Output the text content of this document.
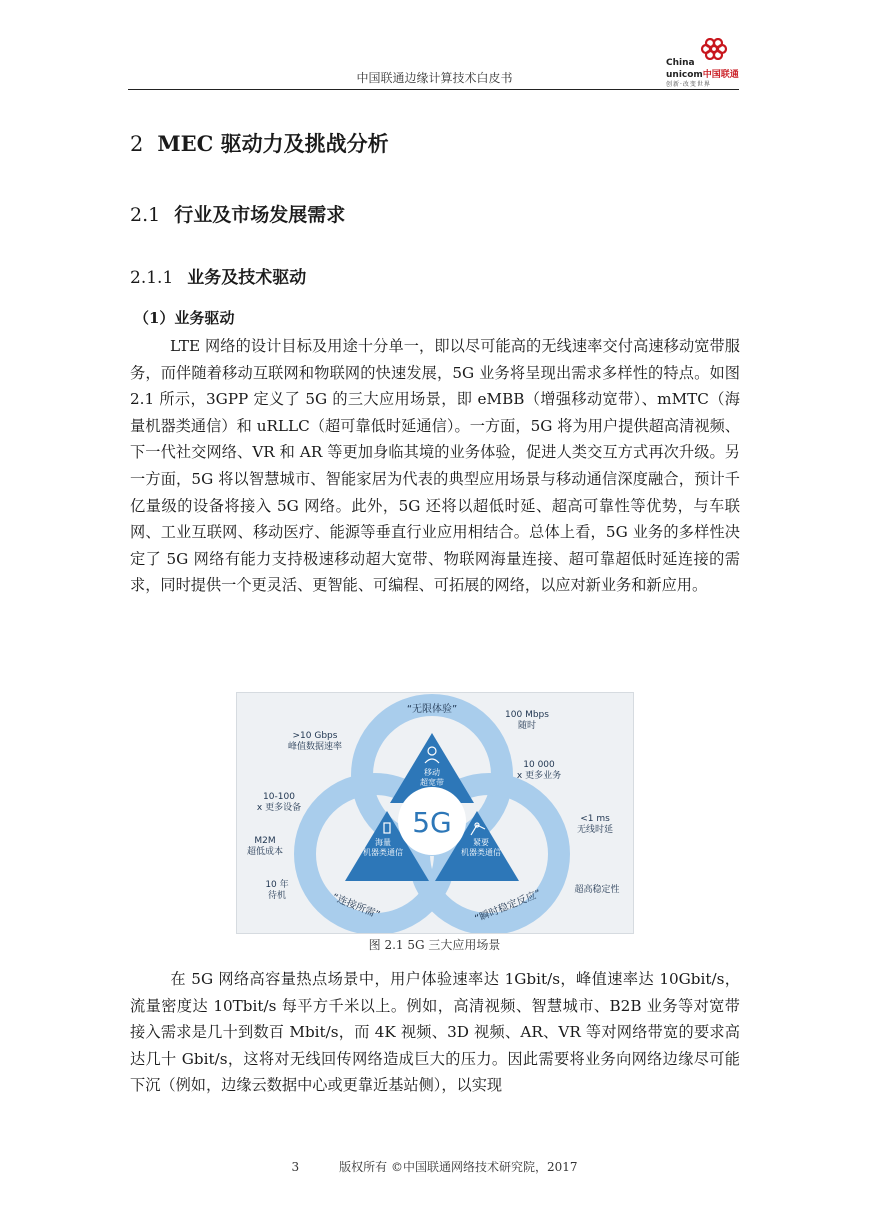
中国联通边缘计算技术白皮书
China
unicom中国联通
创新·改变世界
2 MEC 驱动力及挑战分析
2.1 行业及市场发展需求
2.1.1 业务及技术驱动
（1）业务驱动

LTE 网络的设计目标及用途十分单一，即以尽可能高的无线速率交付高速移动宽带服务，而伴随着移动互联网和物联网的快速发展，5G 业务将呈现出需求多样性的特点。如图 2.1 所示，3GPP 定义了 5G 的三大应用场景，即 eMBB（增强移动宽带）、mMTC（海量机器类通信）和 uRLLC（超可靠低时延通信）。一方面，5G 将为用户提供超高清视频、下一代社交网络、VR 和 AR 等更加身临其境的业务体验，促进人类交互方式再次升级。另一方面，5G 将以智慧城市、智能家居为代表的典型应用场景与移动通信深度融合，预计千亿量级的设备将接入 5G 网络。此外，5G 还将以超低时延、超高可靠性等优势，与车联网、工业互联网、移动医疗、能源等垂直行业应用相结合。总体上看，5G 业务的多样性决定了 5G 网络有能力支持极速移动超大宽带、物联网海量连接、超可靠超低时延连接的需求，同时提供一个更灵活、更智能、可编程、可拓展的网络，以应对新业务和新应用。

5G
移动
超宽带
海量
机器类通信
紧要
机器类通信
“无限体验”
“连接所需”	“瞬时稳定反应”
>10 Gbps
峰值数据速率
100 Mbps
随时
10 000
x 更多业务
10-100
x 更多设备
<1 ms
无线时延
M2M
超低成本
超高稳定性
10 年
待机
图 2.1 5G 三大应用场景

在 5G 网络高容量热点场景中，用户体验速率达 1Gbit/s，峰值速率达 10Gbit/s，流量密度达 10Tbit/s 每平方千米以上。例如，高清视频、智慧城市、B2B 业务等对宽带接入需求是几十到数百 Mbit/s，而 4K 视频、3D 视频、AR、VR 等对网络带宽的要求高达几十 Gbit/s，这将对无线回传网络造成巨大的压力。因此需要将业务向网络边缘尽可能下沉（例如，边缘云数据中心或更靠近基站侧），以实现

3	版权所有 ©中国联通网络技术研究院，2017
